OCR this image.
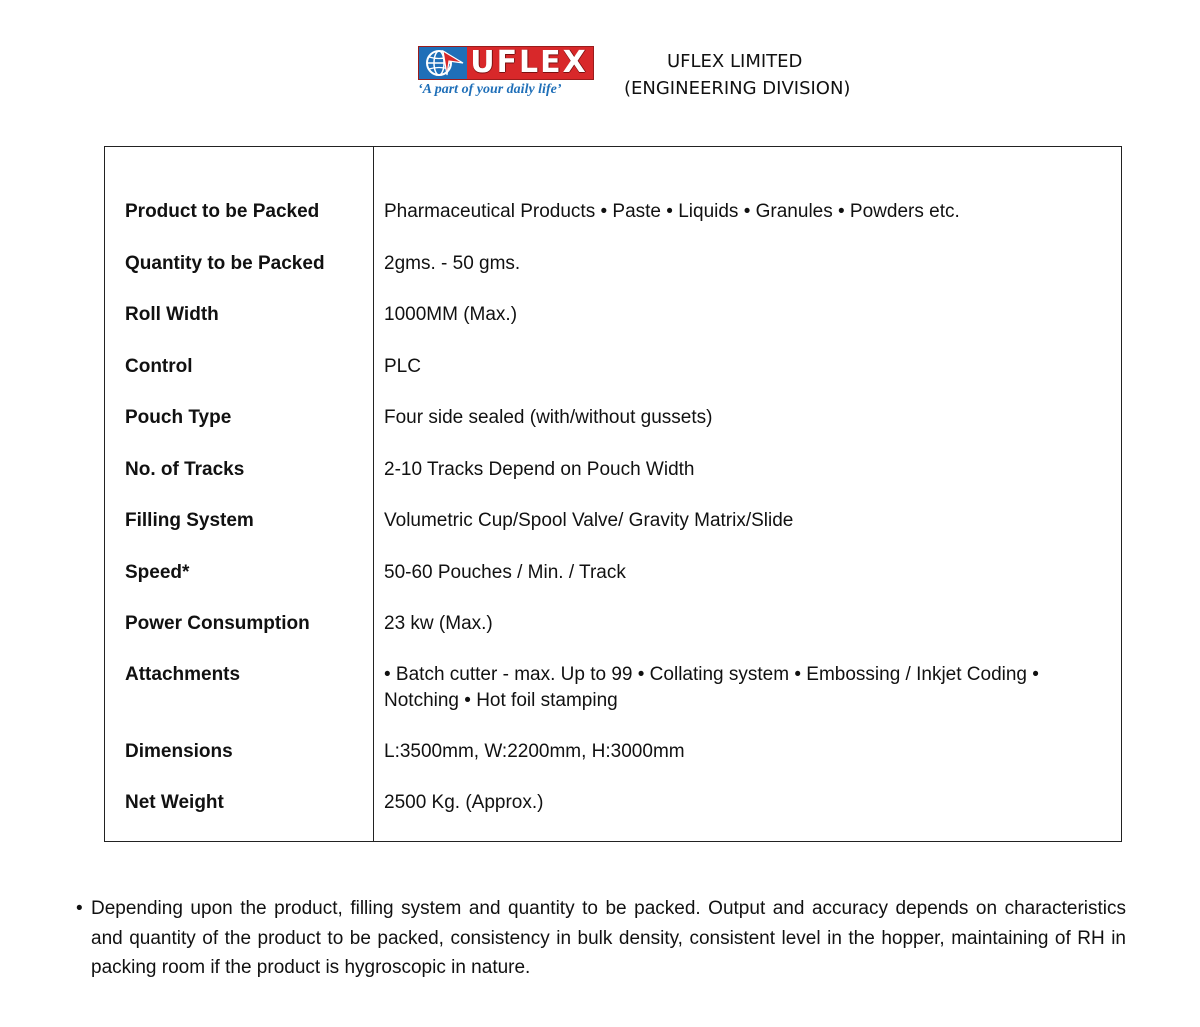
UFLEX
‘A part of your daily life’
UFLEX LIMITED
(ENGINEERING DIVISION)
Product to be Packed	Pharmaceutical Products • Paste • Liquids • Granules • Powders etc.
Quantity to be Packed	2gms. - 50 gms.
Roll Width	1000MM (Max.)
Control	PLC
Pouch Type	Four side sealed (with/without gussets)
No. of Tracks	2-10 Tracks Depend on Pouch Width
Filling System	Volumetric Cup/Spool Valve/ Gravity Matrix/Slide
Speed*	50-60 Pouches / Min. / Track
Power Consumption	23 kw (Max.)
Attachments	• Batch cutter - max. Up to 99 • Collating system • Embossing / Inkjet Coding • Notching • Hot foil stamping
Dimensions	L:3500mm, W:2200mm, H:3000mm
Net Weight	2500 Kg. (Approx.)
• Depending upon the product, filling system and quantity to be packed. Output and accuracy depends on characteristics and quantity of the product to be packed, consistency in bulk density, consistent level in the hopper, maintaining of RH in packing room if the product is hygroscopic in nature.
